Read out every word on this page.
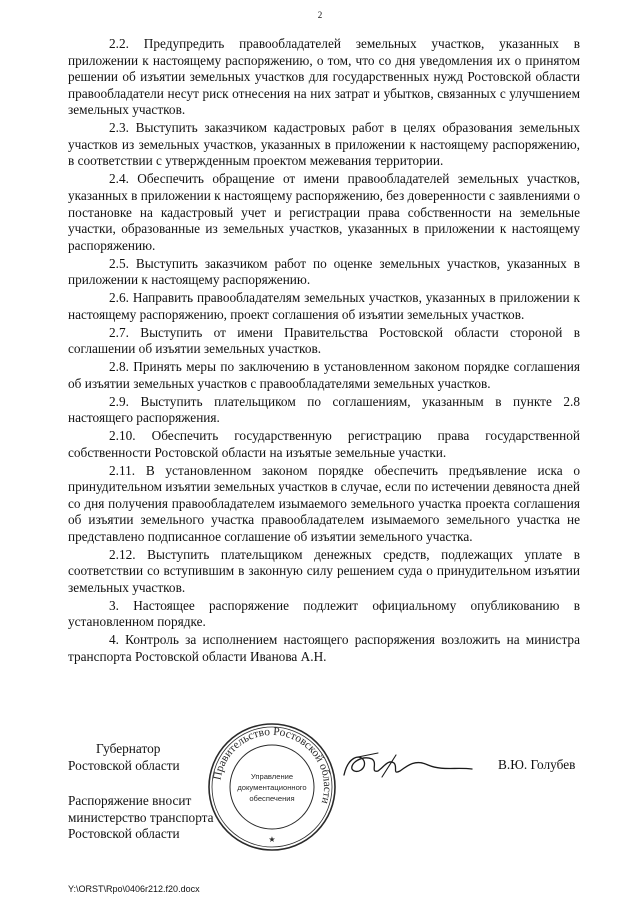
2

2.2. Предупредить правообладателей земельных участков, указанных в приложении к настоящему распоряжению, о том, что со дня уведомления их о принятом решении об изъятии земельных участков для государственных нужд Ростовской области правообладатели несут риск отнесения на них затрат и убытков, связанных с улучшением земельных участков.

2.3. Выступить заказчиком кадастровых работ в целях образования земельных участков из земельных участков, указанных в приложении к настоящему распоряжению, в соответствии с утвержденным проектом межевания территории.

2.4. Обеспечить обращение от имени правообладателей земельных участков, указанных в приложении к настоящему распоряжению, без доверенности с заявлениями о постановке на кадастровый учет и регистрации права собственности на земельные участки, образованные из земельных участков, указанных в приложении к настоящему распоряжению.

2.5. Выступить заказчиком работ по оценке земельных участков, указанных в приложении к настоящему распоряжению.

2.6. Направить правообладателям земельных участков, указанных в приложении к настоящему распоряжению, проект соглашения об изъятии земельных участков.

2.7. Выступить от имени Правительства Ростовской области стороной в соглашении об изъятии земельных участков.

2.8. Принять меры по заключению в установленном законом порядке соглашения об изъятии земельных участков с правообладателями земельных участков.

2.9. Выступить плательщиком по соглашениям, указанным в пункте 2.8 настоящего распоряжения.

2.10. Обеспечить государственную регистрацию права государственной собственности Ростовской области на изъятые земельные участки.

2.11. В установленном законом порядке обеспечить предъявление иска о принудительном изъятии земельных участков в случае, если по истечении девяноста дней со дня получения правообладателем изымаемого земельного участка проекта соглашения об изъятии земельного участка правообладателем изымаемого земельного участка не представлено подписанное соглашение об изъятии земельного участка.

2.12. Выступить плательщиком денежных средств, подлежащих уплате в соответствии со вступившим в законную силу решением суда о принудительном изъятии земельных участков.

3. Настоящее распоряжение подлежит официальному опубликованию в установленном порядке.

4. Контроль за исполнением настоящего распоряжения возложить на министра транспорта Ростовской области Иванова А.Н.

Губернатор
Ростовской области
Правительство Ростовской области
Управление
документационного
обеспечения
★
В.Ю. Голубев
Распоряжение вносит
министерство транспорта
Ростовской области
Y:\ORST\Rpo\0406r212.f20.docx
